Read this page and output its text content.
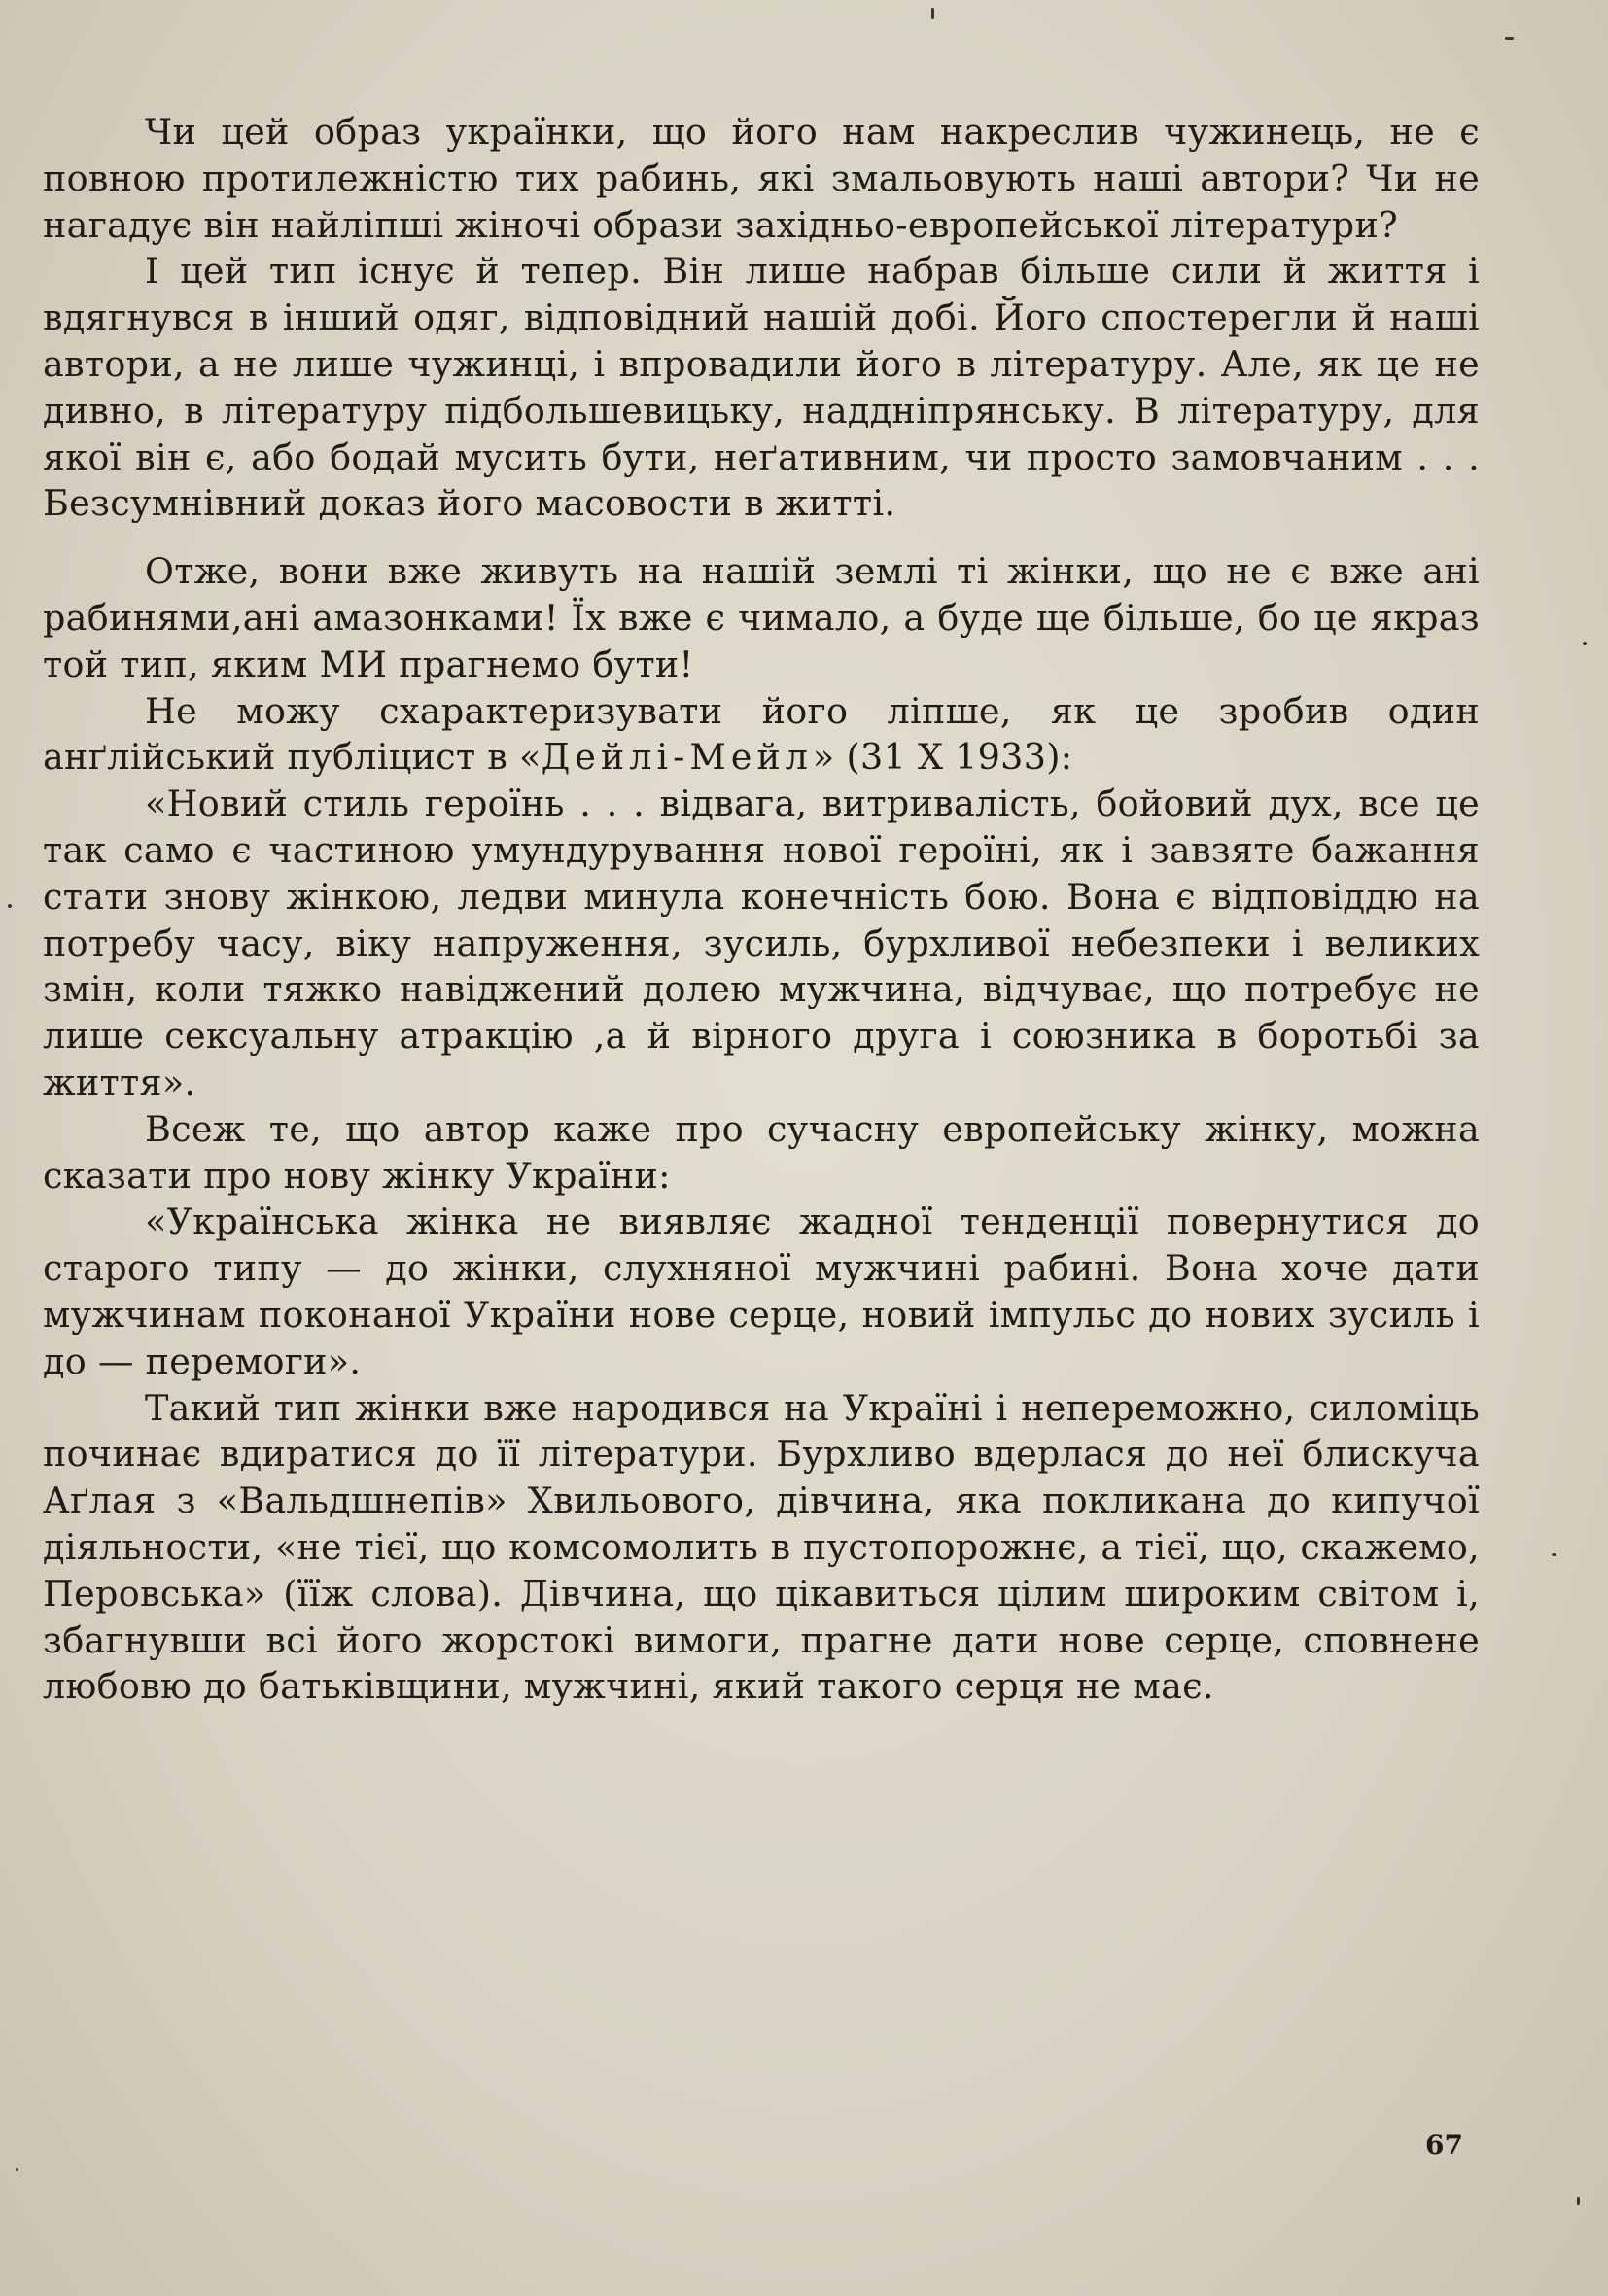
Чи цей образ українки, що його нам накреслив чужинець, не є повною протилежністю тих рабинь, які змальовують наші автори? Чи не нагадує він найліпші жіночі образи західньо-европейської літератури?

І цей тип існує й тепер. Він лише набрав більше сили й життя і вдягнувся в інший одяг, відповідний нашій добі. Його спостерегли й наші автори, а не лише чужинці, і впровадили його в літературу. Але, як це не дивно, в літературу підбольшевицьку, наддніпрянську. В літературу, для якої він є, або бодай мусить бути, неґативним, чи просто замовчаним . . . Безсумнівний доказ його масовости в житті.

Отже, вони вже живуть на нашій землі ті жінки, що не є вже ані рабинями,ані амазонками! Їх вже є чимало, а буде ще більше, бо це якраз той тип, яким МИ прагнемо бути!

Не можу схарактеризувати його ліпше, як це зробив один анґлійський публіцист в «Дейлі-Мейл» (31 X 1933):

«Новий стиль героїнь . . . відвага, витривалість, бойовий дух, все це так само є частиною умундурування нової героїні, як і завзяте бажання стати знову жінкою, ледви минула конечність бою. Вона є відповіддю на потребу часу, віку напруження, зусиль, бурхливої небезпеки і великих змін, коли тяжко навіджений долею мужчина, відчуває, що потребує не лише сексуальну атракцію ,а й вірного друга і союзника в боротьбі за життя».

Всеж те, що автор каже про сучасну европейську жінку, можна сказати про нову жінку України:

«Українська жінка не виявляє жадної тенденції повернутися до старого типу — до жінки, слухняної мужчині рабині. Вона хоче дати мужчинам поконаної України нове серце, новий імпульс до нових зусиль і до — перемоги».

Такий тип жінки вже народився на Україні і непереможно, силоміць починає вдиратися до її літератури. Бурхливо вдерлася до неї блискуча Аґлая з «Вальдшнепів» Хвильового, дівчина, яка покликана до кипучої діяльности, «не тієї, що комсомолить в пустопорожнє, а тієї, що, скажемо, Перовська» (їїж слова). Дівчина, що цікавиться цілим широким світом і, збагнувши всі його жорстокі вимоги, прагне дати нове серце, сповнене любовю до батьківщини, мужчині, який такого серця не має.

67
